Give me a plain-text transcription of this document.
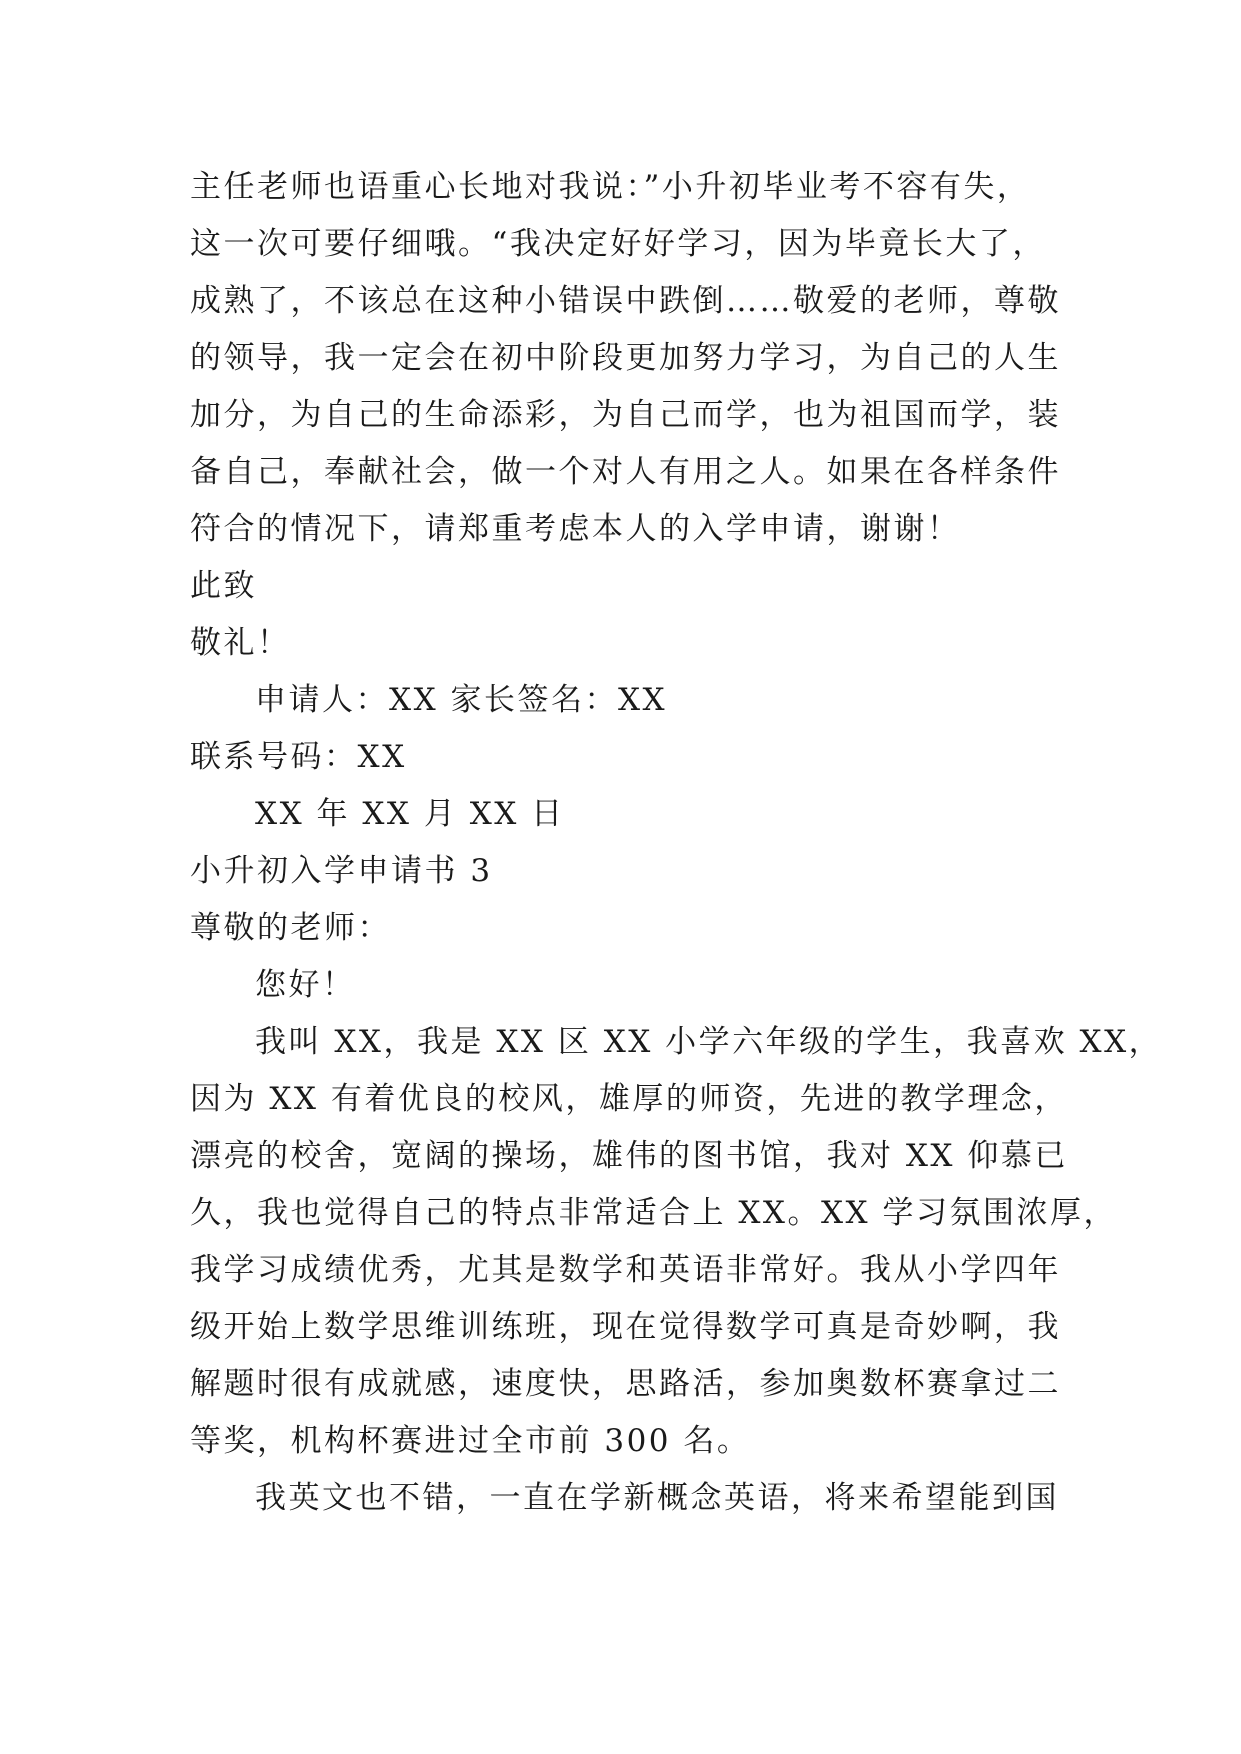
主任老师也语重心长地对我说：”小升初毕业考不容有失，
这一次可要仔细哦。“我决定好好学习，因为毕竟长大了，
成熟了，不该总在这种小错误中跌倒……敬爱的老师，尊敬
的领导，我一定会在初中阶段更加努力学习，为自己的人生
加分，为自己的生命添彩，为自己而学，也为祖国而学，装
备自己，奉献社会，做一个对人有用之人。如果在各样条件
符合的情况下，请郑重考虑本人的入学申请，谢谢！
此致
敬礼！
申请人：XX 家长签名：XX
联系号码：XX
XX 年 XX 月 XX 日
小升初入学申请书 3
尊敬的老师：
您好！
我叫 XX，我是 XX 区 XX 小学六年级的学生，我喜欢 XX，
因为 XX 有着优良的校风，雄厚的师资，先进的教学理念，
漂亮的校舍，宽阔的操场，雄伟的图书馆，我对 XX 仰慕已
久，我也觉得自己的特点非常适合上 XX。XX 学习氛围浓厚，
我学习成绩优秀，尤其是数学和英语非常好。我从小学四年
级开始上数学思维训练班，现在觉得数学可真是奇妙啊，我
解题时很有成就感，速度快，思路活，参加奥数杯赛拿过二
等奖，机构杯赛进过全市前 300 名。
我英文也不错，一直在学新概念英语，将来希望能到国
